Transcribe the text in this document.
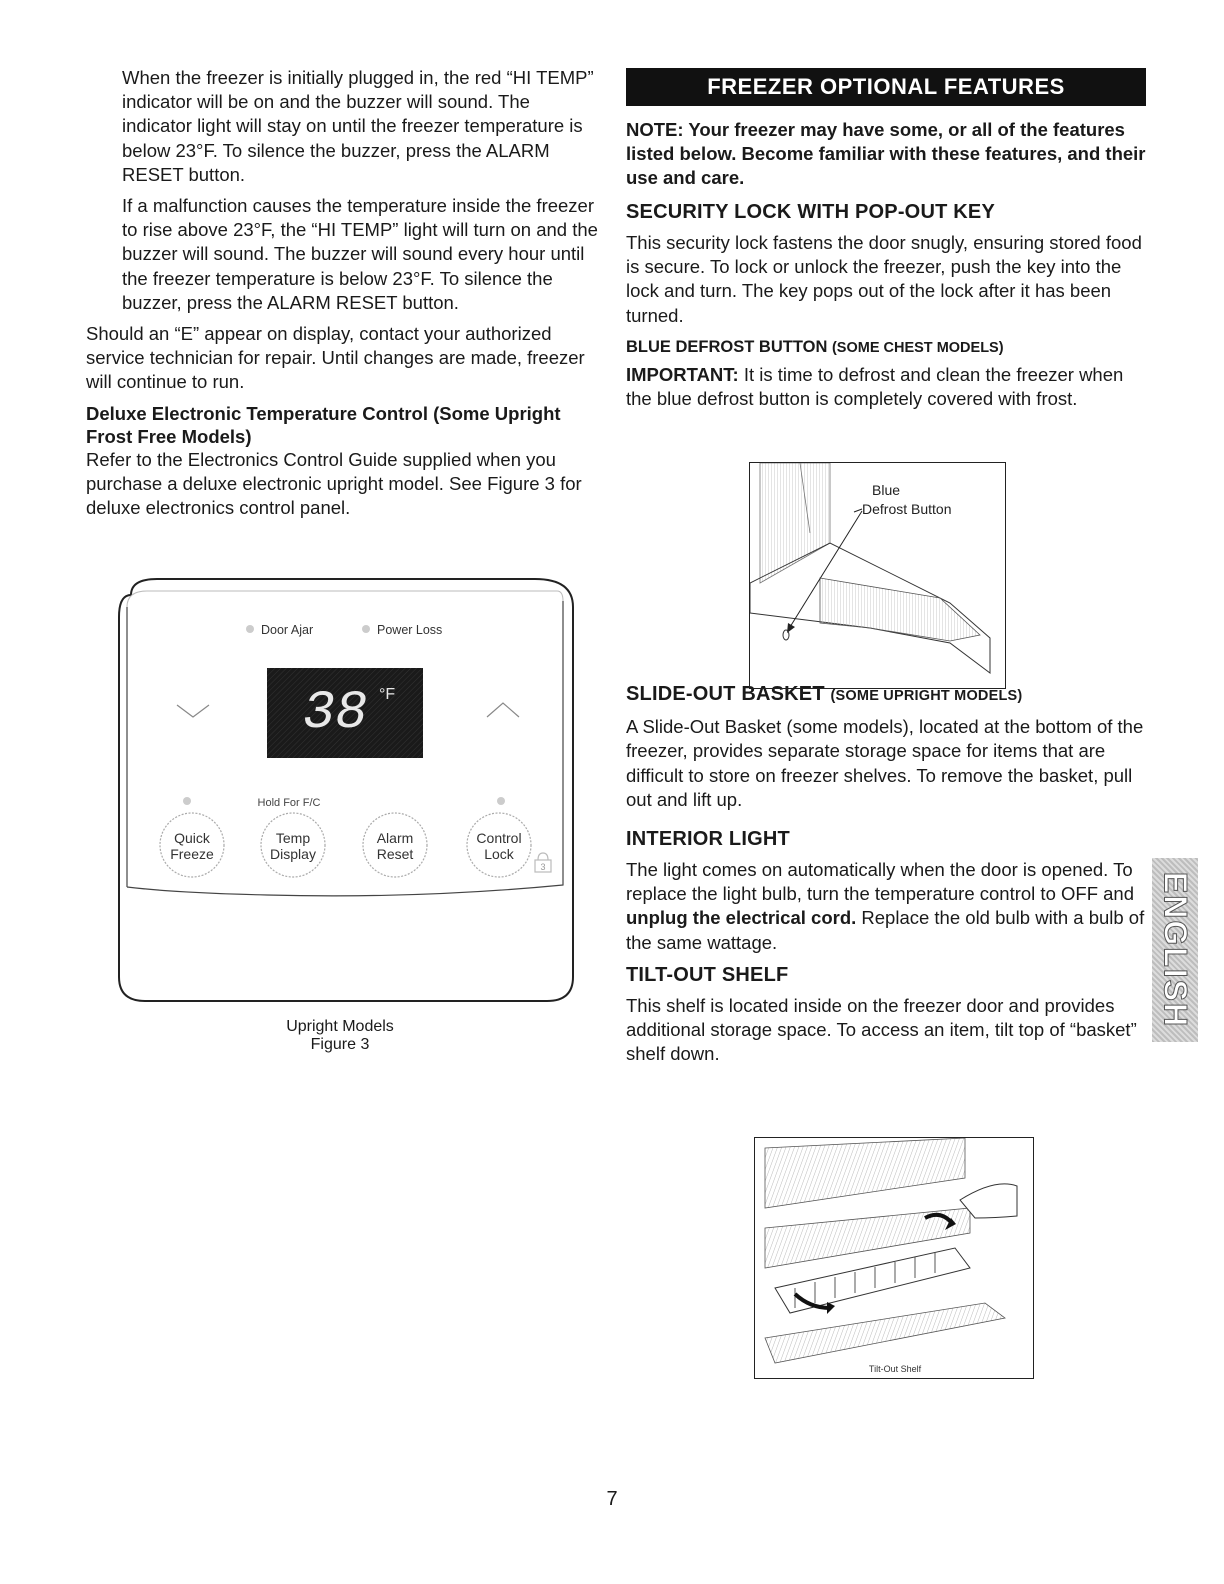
When the freezer is initially plugged in, the red “HI TEMP” indicator will be on and the buzzer will sound. The indicator light will stay on until the freezer temperature is below 23°F. To silence the buzzer, press the ALARM RESET button.

If a malfunction causes the temperature inside the freezer to rise above 23°F, the “HI TEMP” light will turn on and the buzzer will sound. The buzzer will sound every hour until the freezer temperature is below 23°F. To silence the buzzer, press the ALARM RESET button.

Should an “E” appear on display, contact your authorized service technician for repair. Until changes are made, freezer will continue to run.

Deluxe Electronic Temperature Control (Some Upright Frost Free Models)

Refer to the Electronics Control Guide supplied when you purchase a deluxe electronic upright model. See Figure 3 for deluxe electronics control panel.

Door Ajar	Power Loss
38 °F
Hold For F/C
Quick
Freeze
Temp
Display
Alarm
Reset
Control
Lock
3
Upright Models
Figure 3
FREEZER OPTIONAL FEATURES

NOTE: Your freezer may have some, or all of the features listed below. Become familiar with these features, and their use and care.

SECURITY LOCK WITH POP-OUT KEY

This security lock fastens the door snugly, ensuring stored food is secure. To lock or unlock the freezer, push the key into the lock and turn. The key pops out of the lock after it has been turned.

BLUE DEFROST BUTTON (SOME CHEST MODELS)

IMPORTANT: It is time to defrost and clean the freezer when the blue defrost button is completely covered with frost.

SLIDE-OUT BASKET (SOME UPRIGHT MODELS)

A Slide-Out Basket (some models), located at the bottom of the freezer, provides separate storage space for items that are difficult to store on freezer shelves. To remove the basket, pull out and lift up.

INTERIOR LIGHT

The light comes on automatically when the door is opened. To replace the light bulb, turn the temperature control to OFF and unplug the electrical cord. Replace the old bulb with a bulb of the same wattage.

TILT-OUT SHELF

This shelf is located inside on the freezer door and provides additional storage space. To access an item, tilt top of “basket” shelf down.

Blue
Defrost Button
Tilt-Out Shelf
ENGLISH
7
